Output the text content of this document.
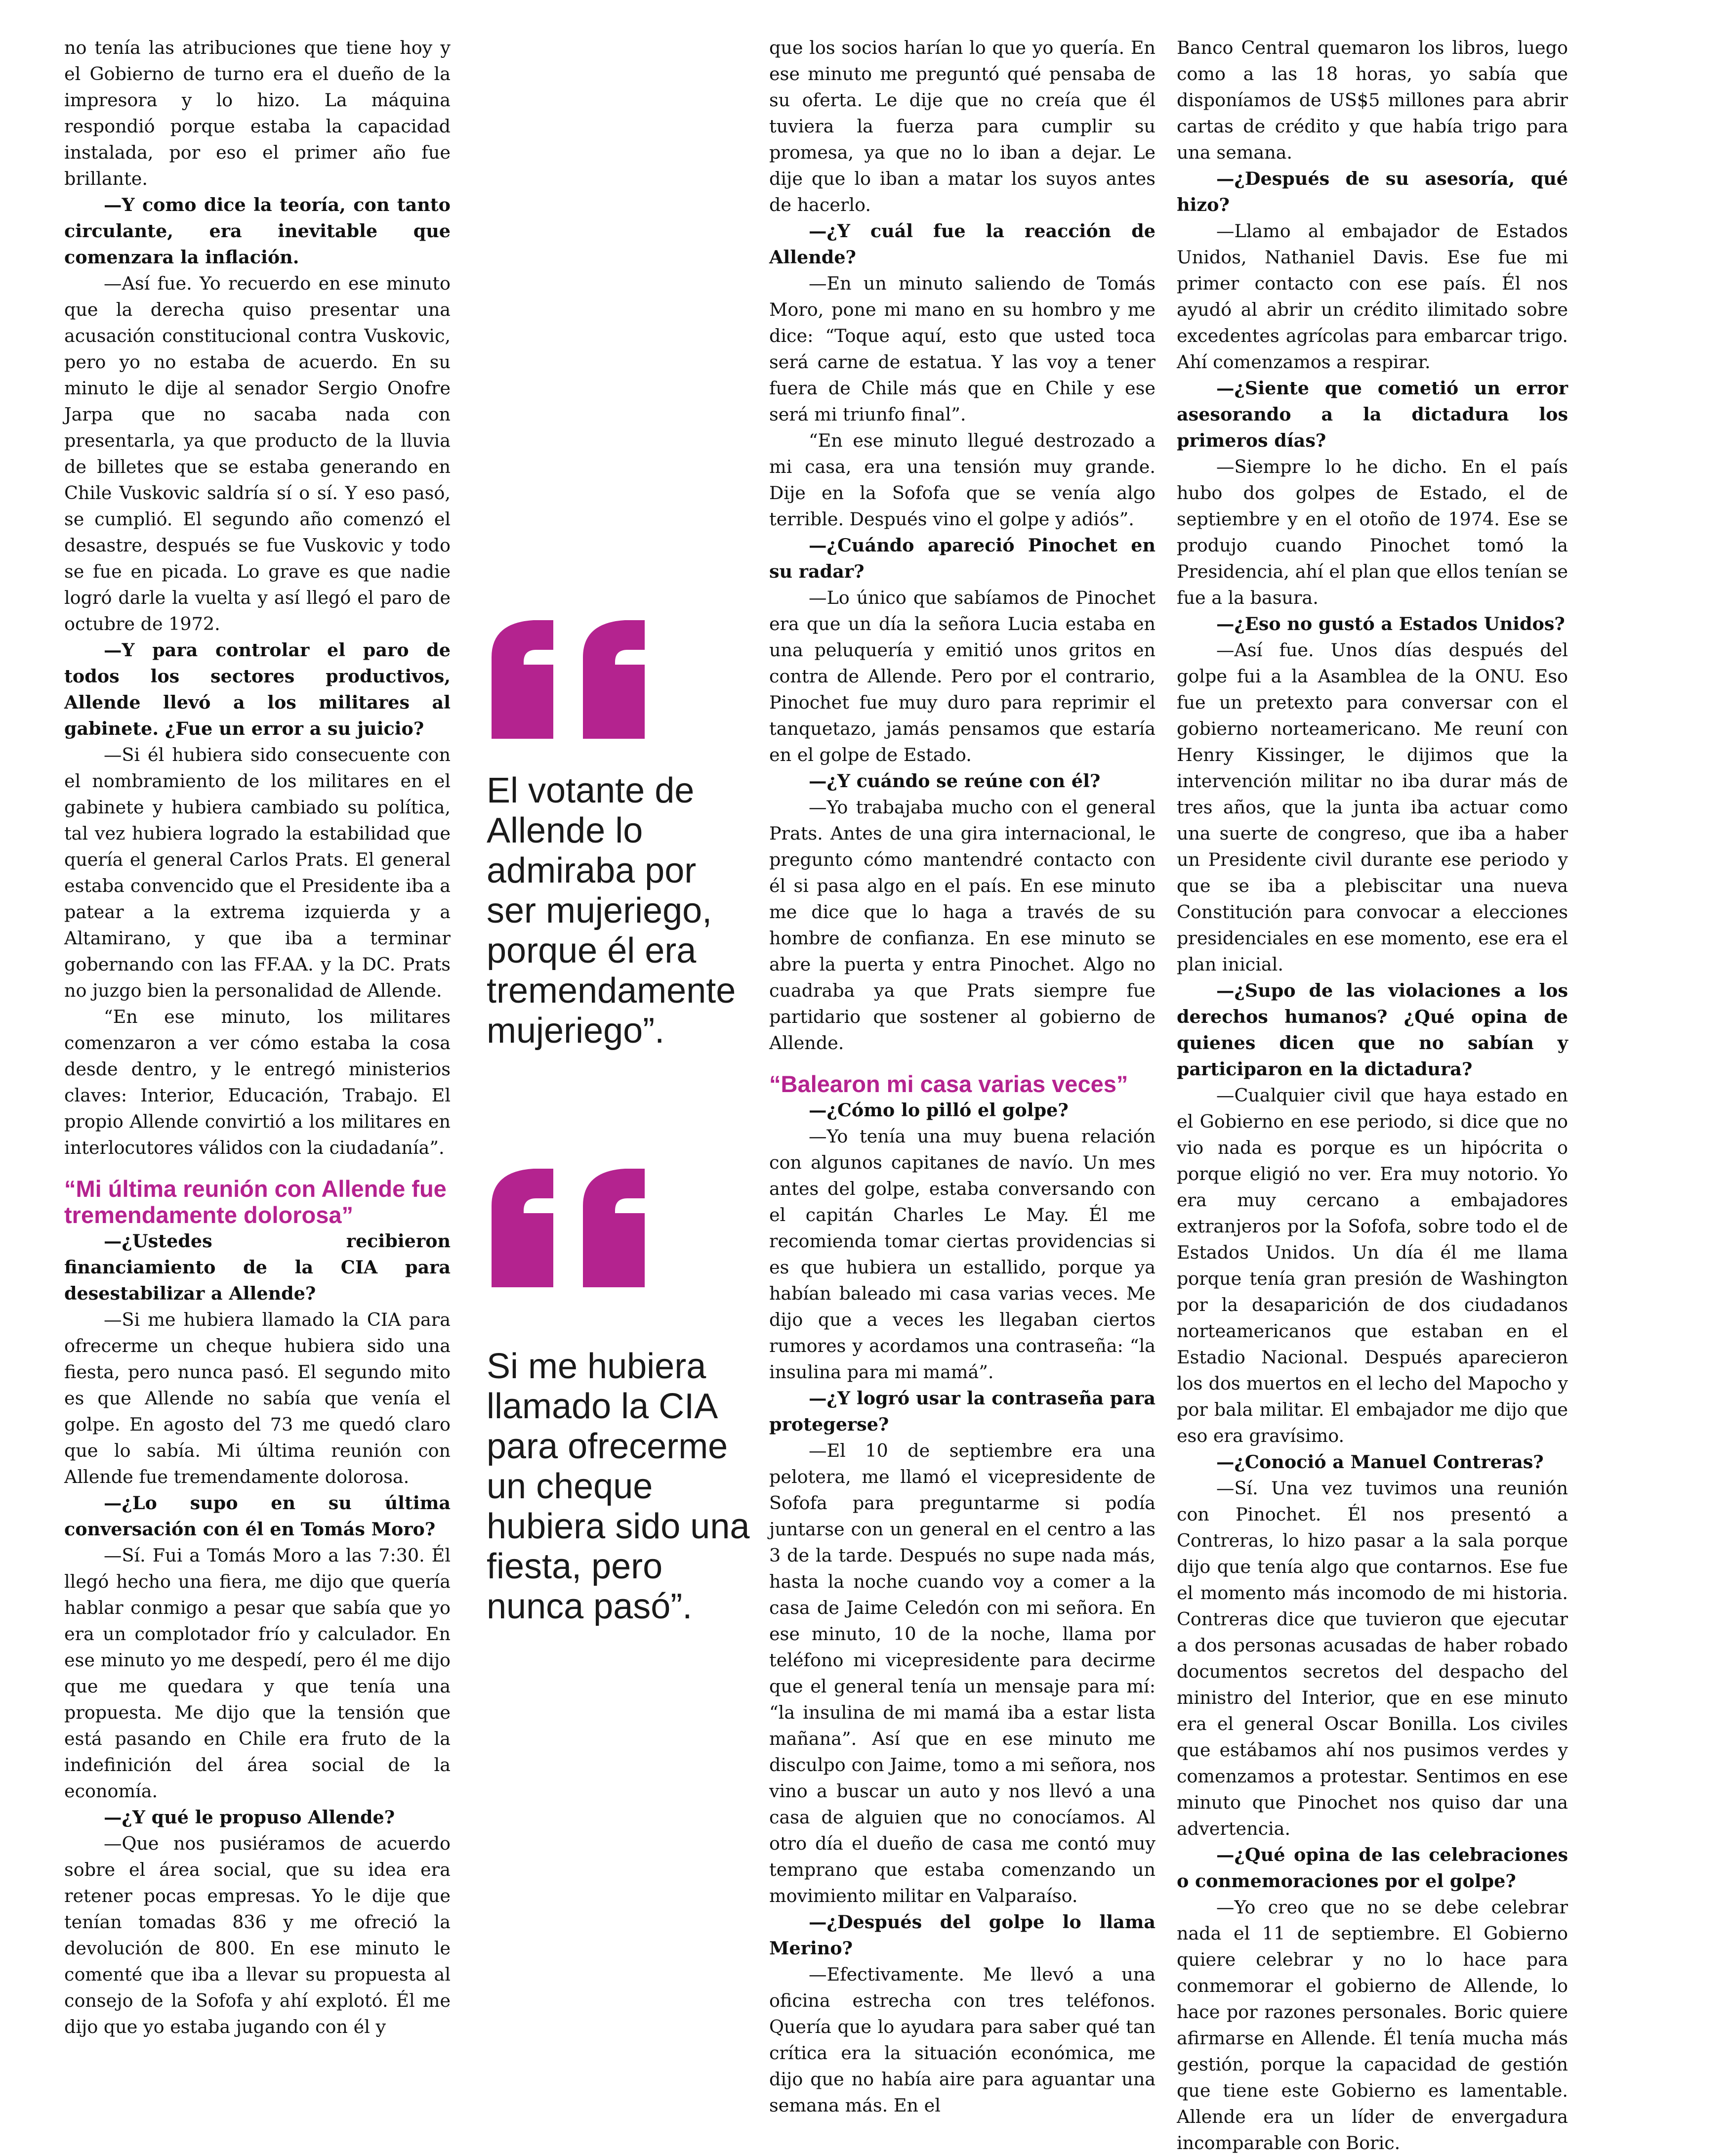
no tenía las atribuciones que tiene hoy y el Gobierno de turno era el dueño de la impresora y lo hizo. La máquina respondió porque estaba la capacidad instalada, por eso el primer año fue brillante.

—Y como dice la teoría, con tanto circulante, era inevitable que comenzara la inflación.

—Así fue. Yo recuerdo en ese minuto que la derecha quiso presentar una acusación constitucional contra Vuskovic, pero yo no estaba de acuerdo. En su minuto le dije al senador Sergio Onofre Jarpa que no sacaba nada con presentarla, ya que producto de la lluvia de billetes que se estaba generando en Chile Vuskovic saldría sí o sí. Y eso pasó, se cumplió. El segundo año comenzó el desastre, después se fue Vuskovic y todo se fue en picada. Lo grave es que nadie logró darle la vuelta y así llegó el paro de octubre de 1972.

—Y para controlar el paro de todos los sectores productivos, Allende llevó a los militares al gabinete. ¿Fue un error a su juicio?

—Si él hubiera sido consecuente con el nombramiento de los militares en el gabinete y hubiera cambiado su política, tal vez hubiera logrado la estabilidad que quería el general Carlos Prats. El general estaba convencido que el Presidente iba a patear a la extrema izquierda y a Altamirano, y que iba a terminar gobernando con las FF.AA. y la DC. Prats no juzgo bien la personalidad de Allende.

“En ese minuto, los militares comenzaron a ver cómo estaba la cosa desde dentro, y le entregó ministerios claves: Interior, Educación, Trabajo. El propio Allende convirtió a los militares en interlocutores válidos con la ciudadanía”.

“Mi última reunión con Allende fue tremendamente dolorosa”

—¿Ustedes recibieron financiamiento de la CIA para desestabilizar a Allende?

—Si me hubiera llamado la CIA para ofrecerme un cheque hubiera sido una fiesta, pero nunca pasó. El segundo mito es que Allende no sabía que venía el golpe. En agosto del 73 me quedó claro que lo sabía. Mi última reunión con Allende fue tremendamente dolorosa.

—¿Lo supo en su última conversación con él en Tomás Moro?

—Sí. Fui a Tomás Moro a las 7:30. Él llegó hecho una fiera, me dijo que quería hablar conmigo a pesar que sabía que yo era un complotador frío y calculador. En ese minuto yo me despedí, pero él me dijo que me quedara y que tenía una propuesta. Me dijo que la tensión que está pasando en Chile era fruto de la indefinición del área social de la economía.

—¿Y qué le propuso Allende?

—Que nos pusiéramos de acuerdo sobre el área social, que su idea era retener pocas empresas. Yo le dije que tenían tomadas 836 y me ofreció la devolución de 800. En ese minuto le comenté que iba a llevar su propuesta al consejo de la Sofofa y ahí explotó. Él me dijo que yo estaba jugando con él y

El votante de Allende lo admiraba por ser mujeriego, porque él era tremendamente mujeriego”.

Si me hubiera llamado la CIA para ofrecerme un cheque hubiera sido una fiesta, pero nunca pasó”.

que los socios harían lo que yo quería. En ese minuto me preguntó qué pensaba de su oferta. Le dije que no creía que él tuviera la fuerza para cumplir su promesa, ya que no lo iban a dejar. Le dije que lo iban a matar los suyos antes de hacerlo.

—¿Y cuál fue la reacción de Allende?

—En un minuto saliendo de Tomás Moro, pone mi mano en su hombro y me dice: “Toque aquí, esto que usted toca será carne de estatua. Y las voy a tener fuera de Chile más que en Chile y ese será mi triunfo final”.

“En ese minuto llegué destrozado a mi casa, era una tensión muy grande. Dije en la Sofofa que se venía algo terrible. Después vino el golpe y adiós”.

—¿Cuándo apareció Pinochet en su radar?

—Lo único que sabíamos de Pinochet era que un día la señora Lucia estaba en una peluquería y emitió unos gritos en contra de Allende. Pero por el contrario, Pinochet fue muy duro para reprimir el tanquetazo, jamás pensamos que estaría en el golpe de Estado.

—¿Y cuándo se reúne con él?

—Yo trabajaba mucho con el general Prats. Antes de una gira internacional, le pregunto cómo mantendré contacto con él si pasa algo en el país. En ese minuto me dice que lo haga a través de su hombre de confianza. En ese minuto se abre la puerta y entra Pinochet. Algo no cuadraba ya que Prats siempre fue partidario que sostener al gobierno de Allende.

“Balearon mi casa varias veces”

—¿Cómo lo pilló el golpe?

—Yo tenía una muy buena relación con algunos capitanes de navío. Un mes antes del golpe, estaba conversando con el capitán Charles Le May. Él me recomienda tomar ciertas providencias si es que hubiera un estallido, porque ya habían baleado mi casa varias veces. Me dijo que a veces les llegaban ciertos rumores y acordamos una contraseña: “la insulina para mi mamá”.

—¿Y logró usar la contraseña para protegerse?

—El 10 de septiembre era una pelotera, me llamó el vicepresidente de Sofofa para preguntarme si podía juntarse con un general en el centro a las 3 de la tarde. Después no supe nada más, hasta la noche cuando voy a comer a la casa de Jaime Celedón con mi señora. En ese minuto, 10 de la noche, llama por teléfono mi vicepresidente para decirme que el general tenía un mensaje para mí: “la insulina de mi mamá iba a estar lista mañana”. Así que en ese minuto me disculpo con Jaime, tomo a mi señora, nos vino a buscar un auto y nos llevó a una casa de alguien que no conocíamos. Al otro día el dueño de casa me contó muy temprano que estaba comenzando un movimiento militar en Valparaíso.

—¿Después del golpe lo llama Merino?

—Efectivamente. Me llevó a una oficina estrecha con tres teléfonos. Quería que lo ayudara para saber qué tan crítica era la situación económica, me dijo que no había aire para aguantar una semana más. En el

Banco Central quemaron los libros, luego como a las 18 horas, yo sabía que disponíamos de US$5 millones para abrir cartas de crédito y que había trigo para una semana.

—¿Después de su asesoría, qué hizo?

—Llamo al embajador de Estados Unidos, Nathaniel Davis. Ese fue mi primer contacto con ese país. Él nos ayudó al abrir un crédito ilimitado sobre excedentes agrícolas para embarcar trigo. Ahí comenzamos a respirar.

—¿Siente que cometió un error asesorando a la dictadura los primeros días?

—Siempre lo he dicho. En el país hubo dos golpes de Estado, el de septiembre y en el otoño de 1974. Ese se produjo cuando Pinochet tomó la Presidencia, ahí el plan que ellos tenían se fue a la basura.

—¿Eso no gustó a Estados Unidos?

—Así fue. Unos días después del golpe fui a la Asamblea de la ONU. Eso fue un pretexto para conversar con el gobierno norteamericano. Me reuní con Henry Kissinger, le dijimos que la intervención militar no iba durar más de tres años, que la junta iba actuar como una suerte de congreso, que iba a haber un Presidente civil durante ese periodo y que se iba a plebiscitar una nueva Constitución para convocar a elecciones presidenciales en ese momento, ese era el plan inicial.

—¿Supo de las violaciones a los derechos humanos? ¿Qué opina de quienes dicen que no sabían y participaron en la dictadura?

—Cualquier civil que haya estado en el Gobierno en ese periodo, si dice que no vio nada es porque es un hipócrita o porque eligió no ver. Era muy notorio. Yo era muy cercano a embajadores extranjeros por la Sofofa, sobre todo el de Estados Unidos. Un día él me llama porque tenía gran presión de Washington por la desaparición de dos ciudadanos norteamericanos que estaban en el Estadio Nacional. Después aparecieron los dos muertos en el lecho del Mapocho y por bala militar. El embajador me dijo que eso era gravísimo.

—¿Conoció a Manuel Contreras?

—Sí. Una vez tuvimos una reunión con Pinochet. Él nos presentó a Contreras, lo hizo pasar a la sala porque dijo que tenía algo que contarnos. Ese fue el momento más incomodo de mi historia. Contreras dice que tuvieron que ejecutar a dos personas acusadas de haber robado documentos secretos del despacho del ministro del Interior, que en ese minuto era el general Oscar Bonilla. Los civiles que estábamos ahí nos pusimos verdes y comenzamos a protestar. Sentimos en ese minuto que Pinochet nos quiso dar una advertencia.

—¿Qué opina de las celebraciones o conmemoraciones por el golpe?

—Yo creo que no se debe celebrar nada el 11 de septiembre. El Gobierno quiere celebrar y no lo hace para conmemorar el gobierno de Allende, lo hace por razones personales. Boric quiere afirmarse en Allende. Él tenía mucha más gestión, porque la capacidad de gestión que tiene este Gobierno es lamentable. Allende era un líder de envergadura incomparable con Boric.
